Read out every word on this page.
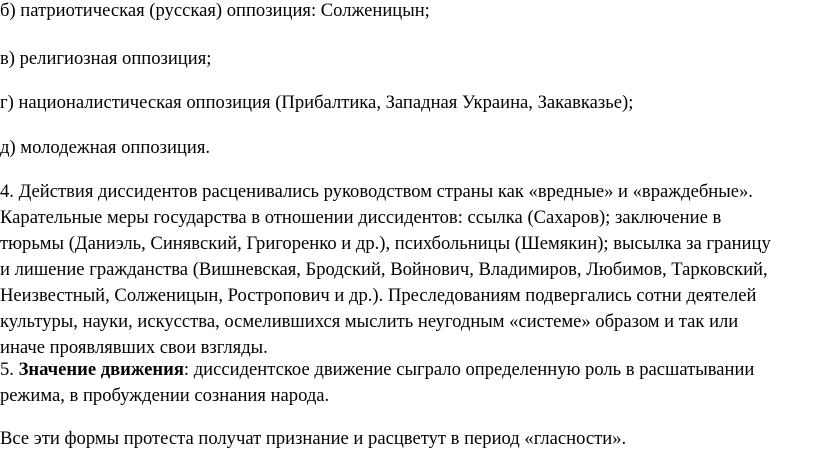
б) патриотическая (русская) оппозиция: Солженицын;
в) религиозная оппозиция;
г) националистическая оппозиция (Прибалтика, Западная Украина, Закавказье);
д) молодежная оппозиция.
4. Действия диссидентов расценивались руководством страны как «вредные» и «враждебные».
Карательные меры государства в отношении диссидентов: ссылка (Сахаров); заключение в
тюрьмы (Даниэль, Синявский, Григоренко и др.), психбольницы (Шемякин); высылка за границу
и лишение гражданства (Вишневская, Бродский, Войнович, Владимиров, Любимов, Тарковский,
Неизвестный, Солженицын, Ростропович и др.). Преследованиям подвергались сотни деятелей
культуры, науки, искусства, осмелившихся мыслить неугодным «системе» образом и так или
иначе проявлявших свои взгляды.
5. Значение движения: диссидентское движение сыграло определенную роль в расшатывании
режима, в пробуждении сознания народа.
Все эти формы протеста получат признание и расцветут в период «гласности».
